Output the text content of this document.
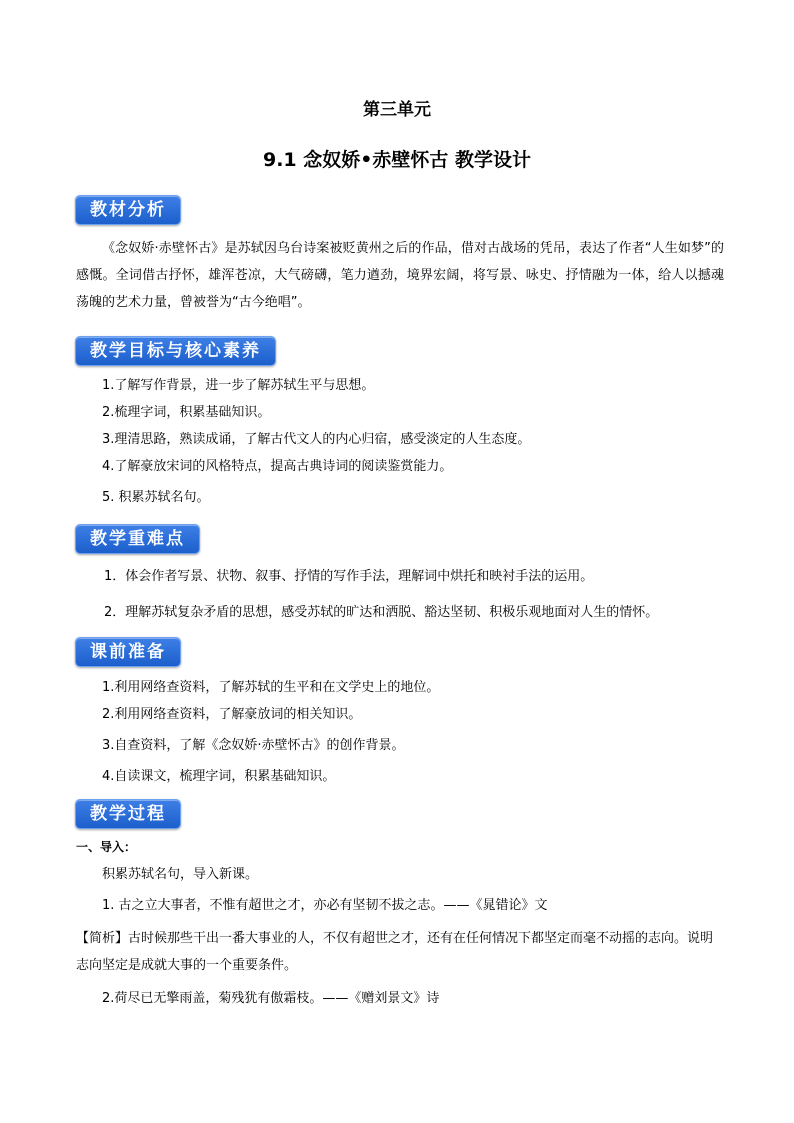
第三单元
9.1 念奴娇•赤壁怀古 教学设计
教材分析
《念奴娇·赤壁怀古》是苏轼因乌台诗案被贬黄州之后的作品，借对古战场的凭吊，表达了作者“人生如梦”的感慨。全词借古抒怀，雄浑苍凉，大气磅礴，笔力遒劲，境界宏阔，将写景、咏史、抒情融为一体，给人以撼魂荡魄的艺术力量，曾被誉为“古今绝唱”。
教学目标与核心素养
1.了解写作背景，进一步了解苏轼生平与思想。
2.梳理字词，积累基础知识。
3.理清思路，熟读成诵，了解古代文人的内心归宿，感受淡定的人生态度。
4.了解豪放宋词的风格特点，提高古典诗词的阅读鉴赏能力。
5. 积累苏轼名句。
教学重难点
1．体会作者写景、状物、叙事、抒情的写作手法，理解词中烘托和映衬手法的运用。
2．理解苏轼复杂矛盾的思想，感受苏轼的旷达和洒脱、豁达坚韧、积极乐观地面对人生的情怀。
课前准备
1.利用网络查资料，了解苏轼的生平和在文学史上的地位。
2.利用网络查资料，了解豪放词的相关知识。
3.自查资料，了解《念奴娇·赤壁怀古》的创作背景。
4.自读课文，梳理字词，积累基础知识。
教学过程
一、导入：
积累苏轼名句，导入新课。
1. 古之立大事者，不惟有超世之才，亦必有坚韧不拔之志。——《晁错论》文
【简析】古时候那些干出一番大事业的人，不仅有超世之才，还有在任何情况下都坚定而毫不动摇的志向。说明志向坚定是成就大事的一个重要条件。
2.荷尽已无擎雨盖，菊残犹有傲霜枝。——《赠刘景文》诗
